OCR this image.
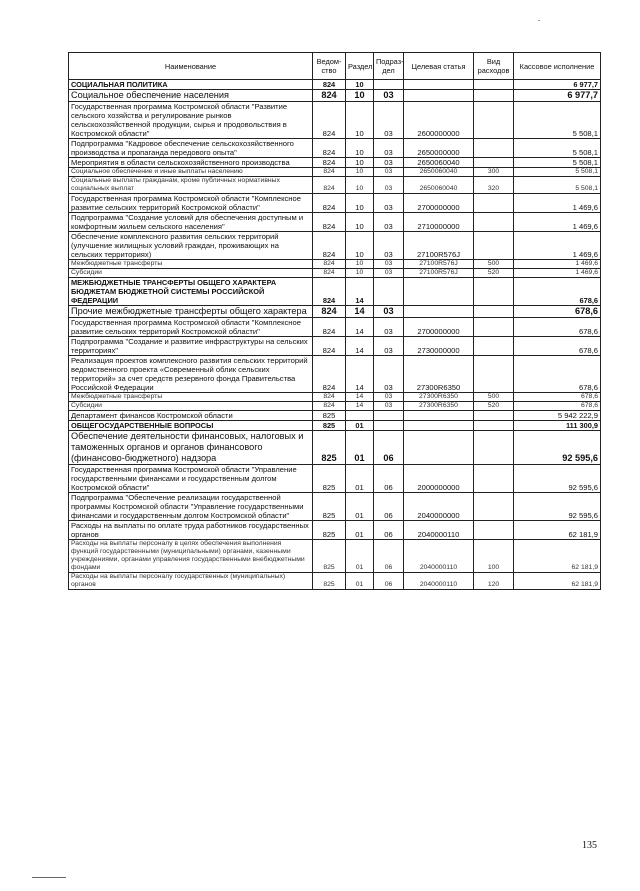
Наименование	Ведом-ство	Раздел	Подраз-дел	Целевая статья	Вид расходов	Кассовое исполнение
СОЦИАЛЬНАЯ ПОЛИТИКА	824	10				6 977,7
Социальное обеспечение населения	824	10	03			6 977,7
Государственная программа Костромской области "Развитие сельского хозяйства и регулирование рынков сельскохозяйственной продукции, сырья и продовольствия в Костромской области"	824	10	03	2600000000		5 508,1
Подпрограмма "Кадровое обеспечение сельскохозяйственного производства и пропаганда передового опыта"	824	10	03	2650000000		5 508,1
Мероприятия в области сельскохозяйственного производства	824	10	03	2650060040		5 508,1
Социальное обеспечение и иные выплаты населению	824	10	03	2650060040	300	5 508,1
Социальные выплаты гражданам, кроме публичных нормативных социальных выплат	824	10	03	2650060040	320	5 508,1
Государственная программа Костромской области "Комплексное развитие сельских территорий Костромской области"	824	10	03	2700000000		1 469,6
Подпрограмма "Создание условий для обеспечения доступным и комфортным жильем сельского населения"	824	10	03	2710000000		1 469,6
Обеспечение комплексного развития сельских территорий (улучшение жилищных условий граждан, проживающих на сельских территориях)	824	10	03	27100R576J		1 469,6
Межбюджетные трансферты	824	10	03	27100R576J	500	1 469,6
Субсидии	824	10	03	27100R576J	520	1 469,6
МЕЖБЮДЖЕТНЫЕ ТРАНСФЕРТЫ ОБЩЕГО ХАРАКТЕРА БЮДЖЕТАМ БЮДЖЕТНОЙ СИСТЕМЫ РОССИЙСКОЙ ФЕДЕРАЦИИ	824	14				678,6
Прочие межбюджетные трансферты общего характера	824	14	03			678,6
Государственная программа Костромской области "Комплексное развитие сельских территорий Костромской области"	824	14	03	2700000000		678,6
Подпрограмма "Создание и развитие инфраструктуры на сельских территориях"	824	14	03	2730000000		678,6
Реализация проектов комплексного развития сельских территорий ведомственного проекта «Современный облик сельских территорий» за счет средств резервного фонда Правительства Российской Федерации	824	14	03	27300R6350		678,6
Межбюджетные трансферты	824	14	03	27300R6350	500	678,6
Субсидии	824	14	03	27300R6350	520	678,6
Департамент финансов Костромской области	825					5 942 222,9
ОБЩЕГОСУДАРСТВЕННЫЕ ВОПРОСЫ	825	01				111 300,9
Обеспечение деятельности финансовых, налоговых и таможенных органов и органов финансового (финансово-бюджетного) надзора	825	01	06			92 595,6
Государственная программа Костромской области "Управление государственными финансами и государственным долгом Костромской области"	825	01	06	2000000000		92 595,6
Подпрограмма "Обеспечение реализации государственной программы Костромской области "Управление государственными финансами и государственным долгом Костромской области"	825	01	06	2040000000		92 595,6
Расходы на выплаты по оплате труда работников государственных органов	825	01	06	2040000110		62 181,9
Расходы на выплаты персоналу в целях обеспечения выполнения функций государственными (муниципальными) органами, казенными учреждениями, органами управления государственными внебюджетными фондами	825	01	06	2040000110	100	62 181,9
Расходы на выплаты персоналу государственных (муниципальных) органов	825	01	06	2040000110	120	62 181,9
135
